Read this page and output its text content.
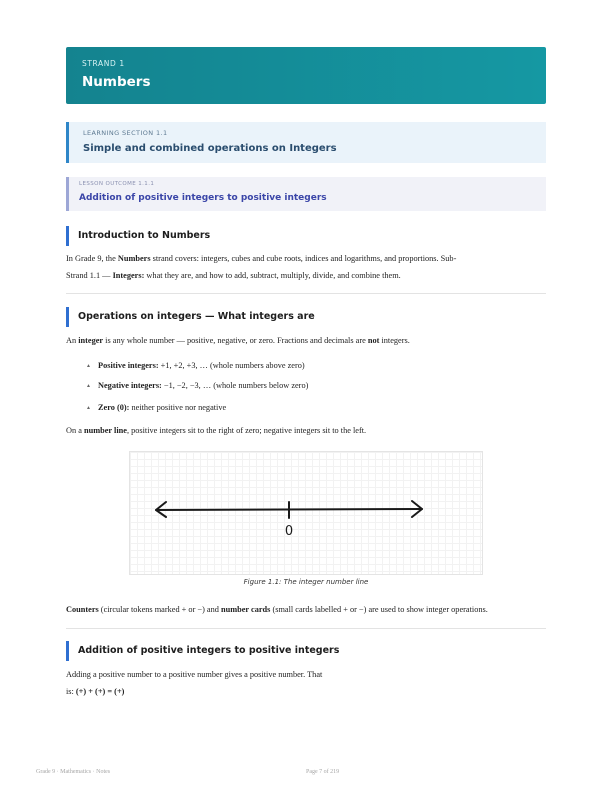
STRAND 1
Numbers
LEARNING SECTION 1.1
Simple and combined operations on Integers
LESSON OUTCOME 1.1.1
Addition of positive integers to positive integers
Introduction to Numbers
In Grade 9, the Numbers strand covers: integers, cubes and cube roots, indices and logarithms, and proportions. Sub-
Strand 1.1 — Integers: what they are, and how to add, subtract, multiply, divide, and combine them.
Operations on integers — What integers are
An integer is any whole number — positive, negative, or zero. Fractions and decimals are not integers.
▲ Positive integers: +1, +2, +3, … (whole numbers above zero)
▲ Negative integers: −1, −2, −3, … (whole numbers below zero)
▲ Zero (0): neither positive nor negative
On a number line, positive integers sit to the right of zero; negative integers sit to the left.
0
Figure 1.1: The integer number line
Counters (circular tokens marked + or −) and number cards (small cards labelled + or −) are used to show integer operations.
Addition of positive integers to positive integers
Adding a positive number to a positive number gives a positive number. That
is: (+) + (+) = (+)
Grade 9 · Mathematics · Notes	Page 7 of 219
